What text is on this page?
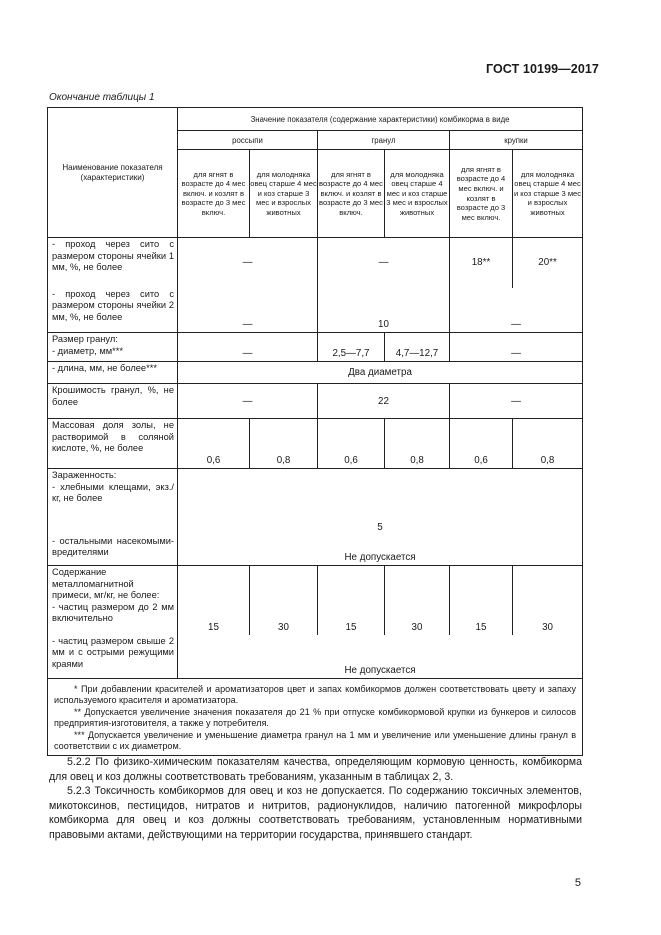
ГОСТ 10199—2017
Окончание таблицы 1
Наименование показателя (характеристики)	Значение показателя (содержание характеристики) комбикорма в виде					
	россыпи		гранул		крупки	
	для ягнят в возрасте до 4 мес включ. и козлят в возрасте до 3 мес включ.	для молодняка овец старше 4 мес и коз старше 3 мес и взрослых животных	для ягнят в возрасте до 4 мес включ. и козлят в возрасте до 3 мес включ.	для молодняка овец старше 4 мес и коз старше 3 мес и взрослых животных	для ягнят в возрасте до 4 мес включ. и козлят в возрасте до 3 мес включ.	для молодняка овец старше 4 мес и коз старше 3 мес и взрослых животных
- проход через сито с размером стороны ячейки 1 мм, %, не более	—		—		18**	20**
- проход через сито с размером стороны ячейки 2 мм, %, не более	—		10		—	

Размер гранул:
- диаметр, мм***	—		2,5—7,7	4,7—12,7	—	
- длина, мм, не более***	Два диаметра					
Крошимость гранул, %, не более	—		22		—	
Массовая доля золы, не растворимой в соляной кислоте, %, не более	0,6	0,8	0,6	0,8	0,6	0,8

Зараженность:
- хлебными клещами, экз./кг, не более	5					
- остальными насекомыми-вредителями	Не допускается					

Содержание металломагнитной примеси, мг/кг, не более:
- частиц размером до 2 мм включительно	15	30	15	30	15	30
- частиц размером свыше 2 мм и с острыми режущими краями	Не допускается					

* При добавлении красителей и ароматизаторов цвет и запах комбикормов должен соответствовать цвету и запаху используемого красителя и ароматизатора.

** Допускается увеличение значения показателя до 21 % при отпуске комбикормовой крупки из бункеров и силосов предприятия-изготовителя, а также у потребителя.

*** Допускается увеличение и уменьшение диаметра гранул на 1 мм и увеличение или уменьшение длины гранул в соответствии с их диаметром.						

5.2.2 По физико-химическим показателям качества, определяющим кормовую ценность, комбикорма для овец и коз должны соответствовать требованиям, указанным в таблицах 2, 3.

5.2.3 Токсичность комбикормов для овец и коз не допускается. По содержанию токсичных элементов, микотоксинов, пестицидов, нитратов и нитритов, радионуклидов, наличию патогенной микрофлоры комбикорма для овец и коз должны соответствовать требованиям, установленным нормативными правовыми актами, действующими на территории государства, принявшего стандарт.

5
